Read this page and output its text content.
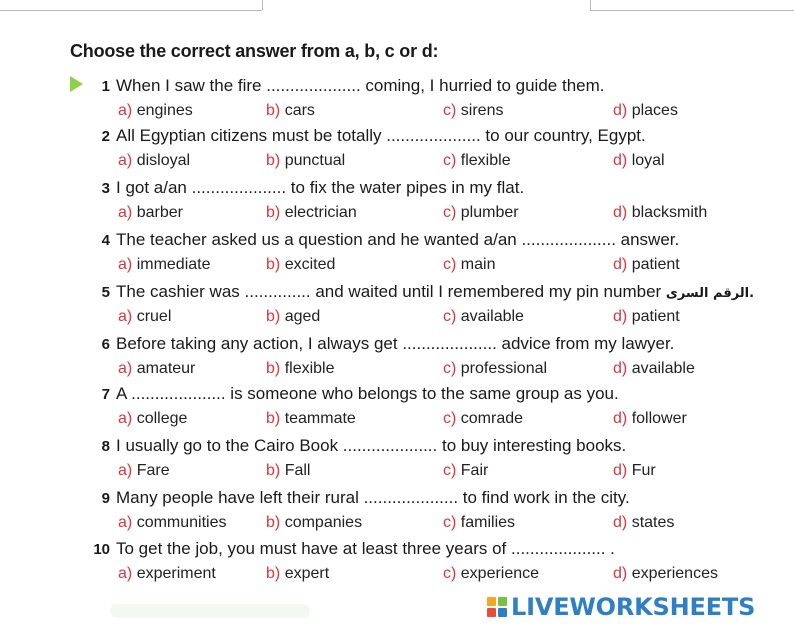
Choose the correct answer from a, b, c or d:
1 When I saw the fire .................... coming, I hurried to guide them.
a) engines	b) cars	c) sirens	d) places
2 All Egyptian citizens must be totally .................... to our country, Egypt.
a) disloyal	b) punctual	c) flexible	d) loyal
3 I got a/an .................... to fix the water pipes in my flat.
a) barber	b) electrician	c) plumber	d) blacksmith
4 The teacher asked us a question and he wanted a/an .................... answer.
a) immediate	b) excited	c) main	d) patient
5 The cashier was .............. and waited until I remembered my pin number الرقم السرى.
a) cruel	b) aged	c) available	d) patient
6 Before taking any action, I always get .................... advice from my lawyer.
a) amateur	b) flexible	c) professional	d) available
7 A .................... is someone who belongs to the same group as you.
a) college	b) teammate	c) comrade	d) follower
8 I usually go to the Cairo Book .................... to buy interesting books.
a) Fare	b) Fall	c) Fair	d) Fur
9 Many people have left their rural .................... to find work in the city.
a) communities b) companies	c) families	d) states
10 To get the job, you must have at least three years of .................... .
a) experiment	b) expert	c) experience	d) experiences
LIVEWORKSHEETS
